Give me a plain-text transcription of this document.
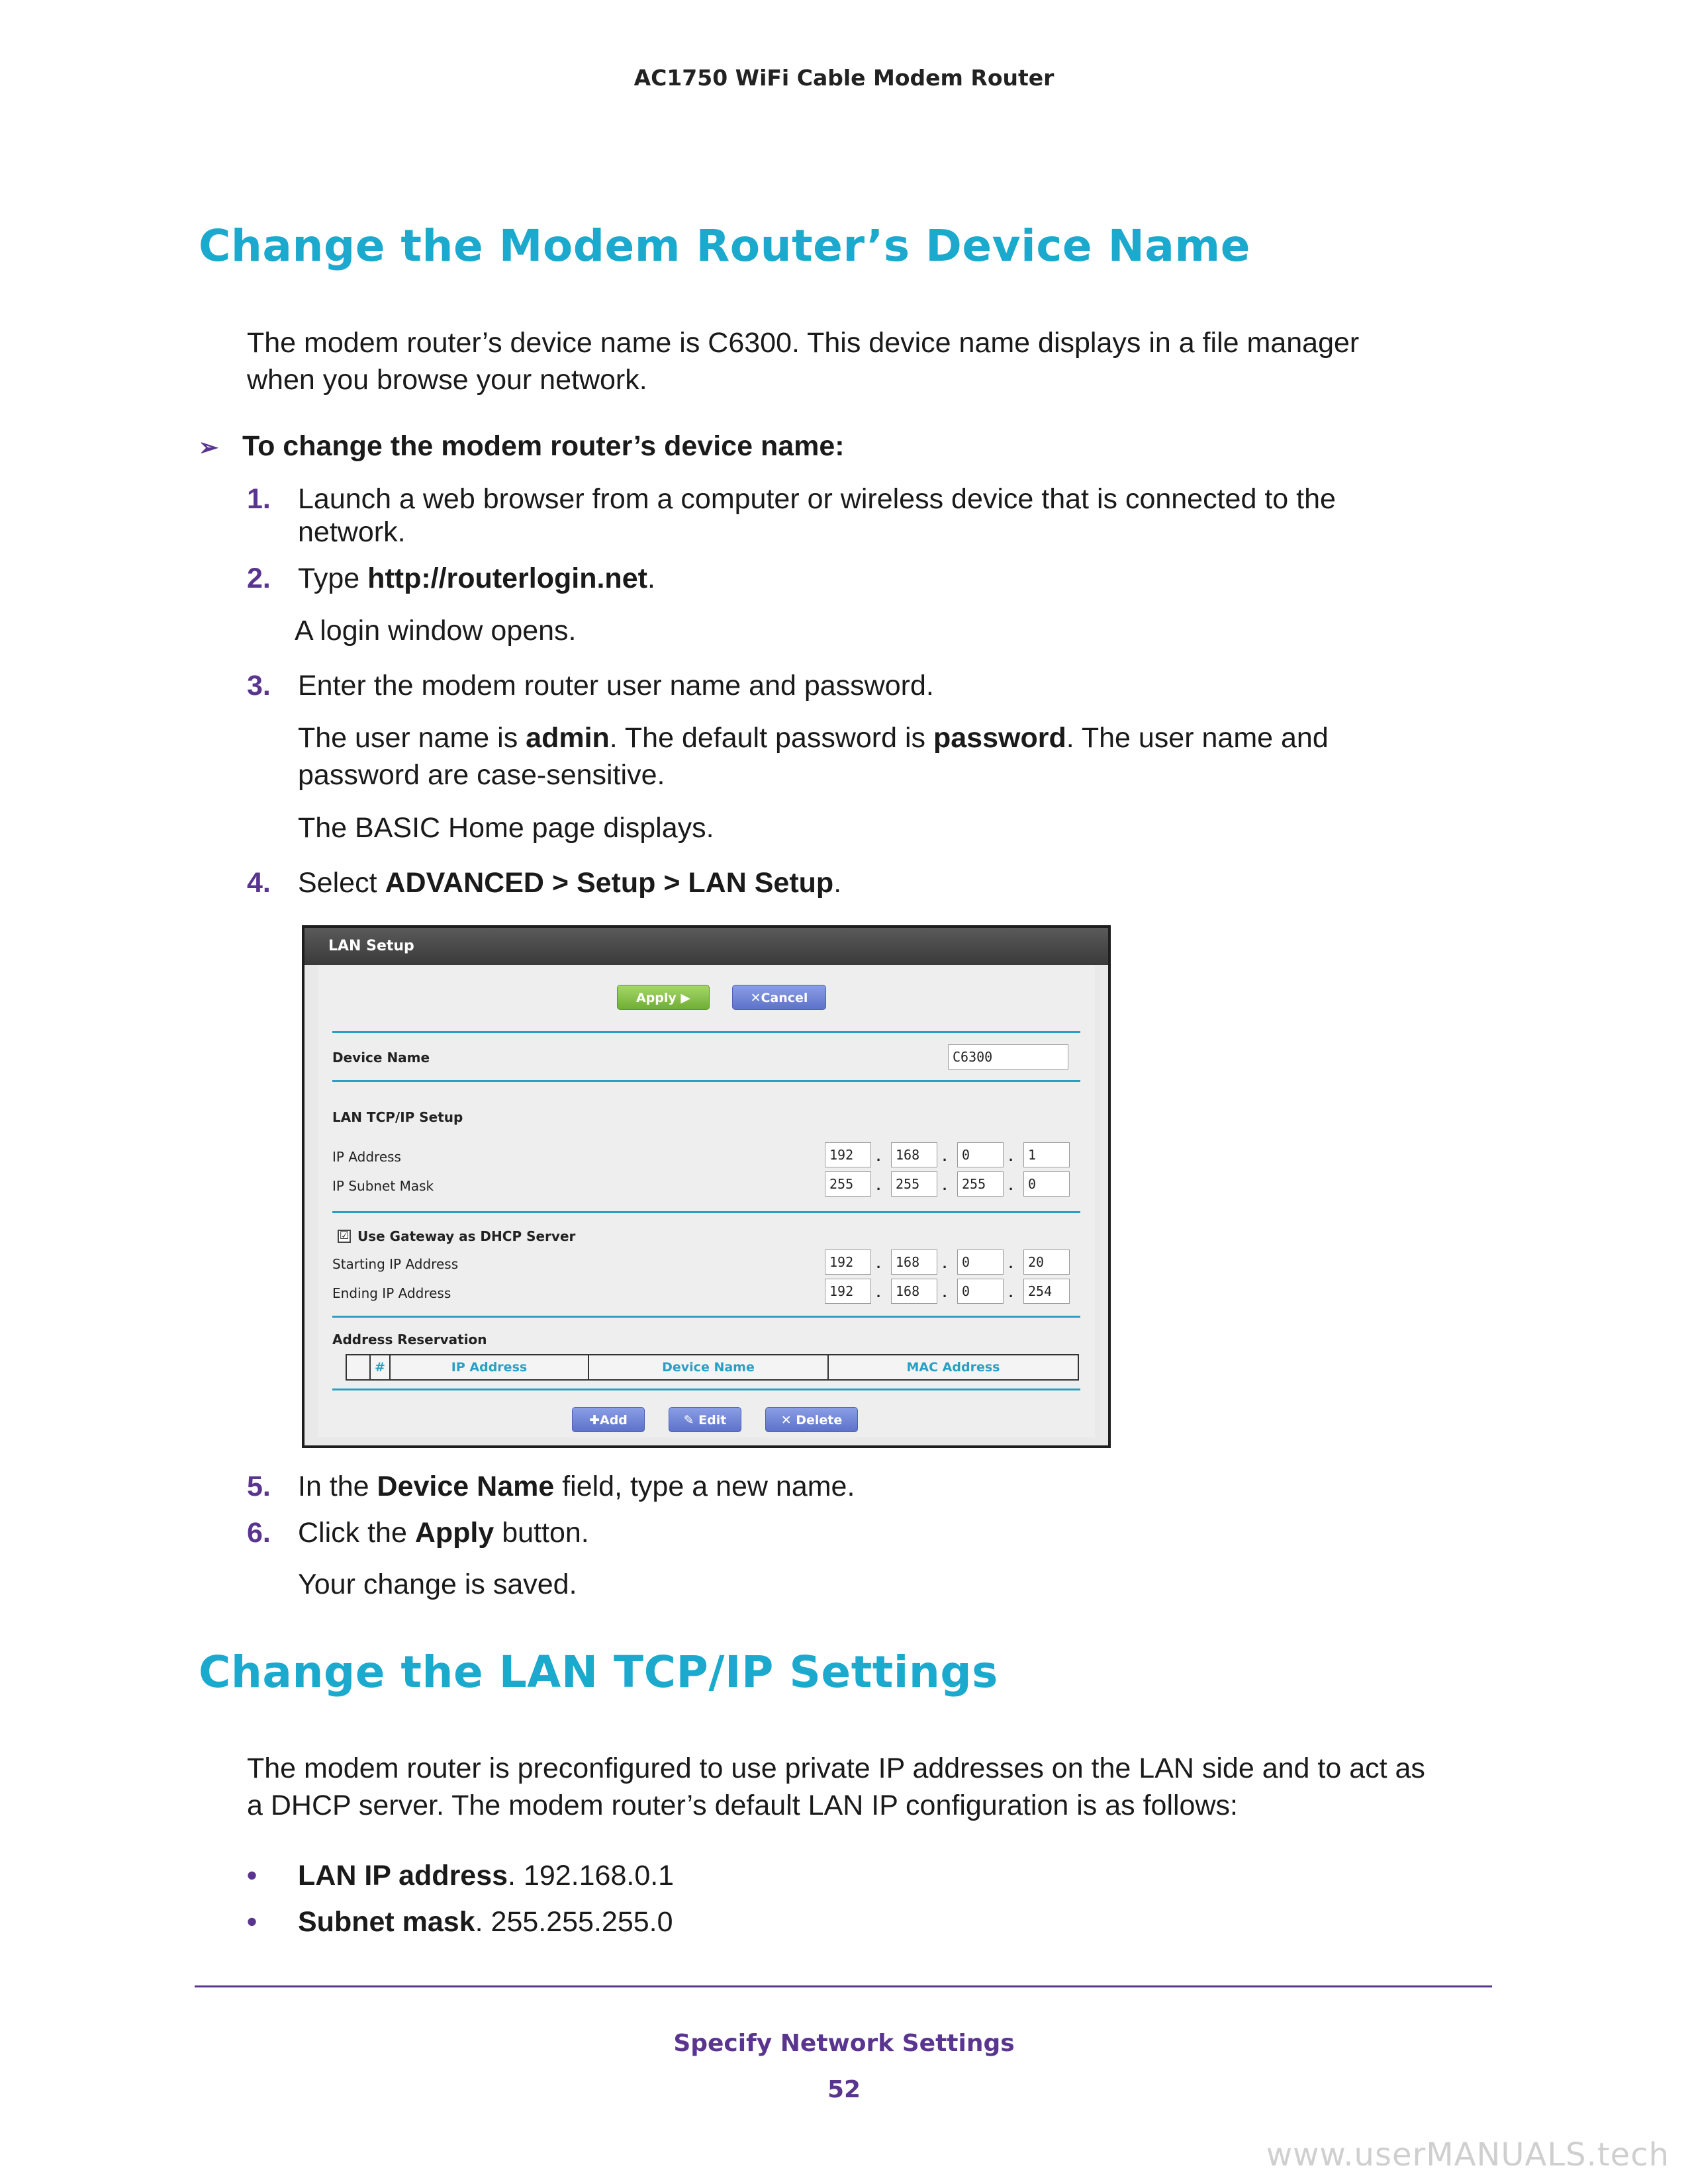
AC1750 WiFi Cable Modem Router
Change the Modem Router’s Device Name
The modem router’s device name is C6300. This device name displays in a file manager
when you browse your network.
➢ To change the modem router’s device name:
1. Launch a web browser from a computer or wireless device that is connected to the
network.
2. Type http://routerlogin.net.
A login window opens.
3. Enter the modem router user name and password.
The user name is admin. The default password is password. The user name and
password are case-sensitive.
The BASIC Home page displays.
4. Select ADVANCED > Setup > LAN Setup.
LAN Setup
Apply ▶	✕Cancel
Device Name	C6300
LAN TCP/IP Setup
IP Address	192	.	168	.	0	.	1
IP Subnet Mask	255	.	255	.	255	.	0
☑ Use Gateway as DHCP Server
Starting IP Address	192	.	168	.	0	.	20
Ending IP Address	192	.	168	.	0	.	254
Address Reservation
#	IP Address	Device Name	MAC Address
✚Add	✎ Edit	✕ Delete
5. In the Device Name field, type a new name.
6. Click the Apply button.
Your change is saved.
Change the LAN TCP/IP Settings
The modem router is preconfigured to use private IP addresses on the LAN side and to act as
a DHCP server. The modem router’s default LAN IP configuration is as follows:
•	LAN IP address. 192.168.0.1
•	Subnet mask. 255.255.255.0
Specify Network Settings
52
www.userMANUALS.tech
